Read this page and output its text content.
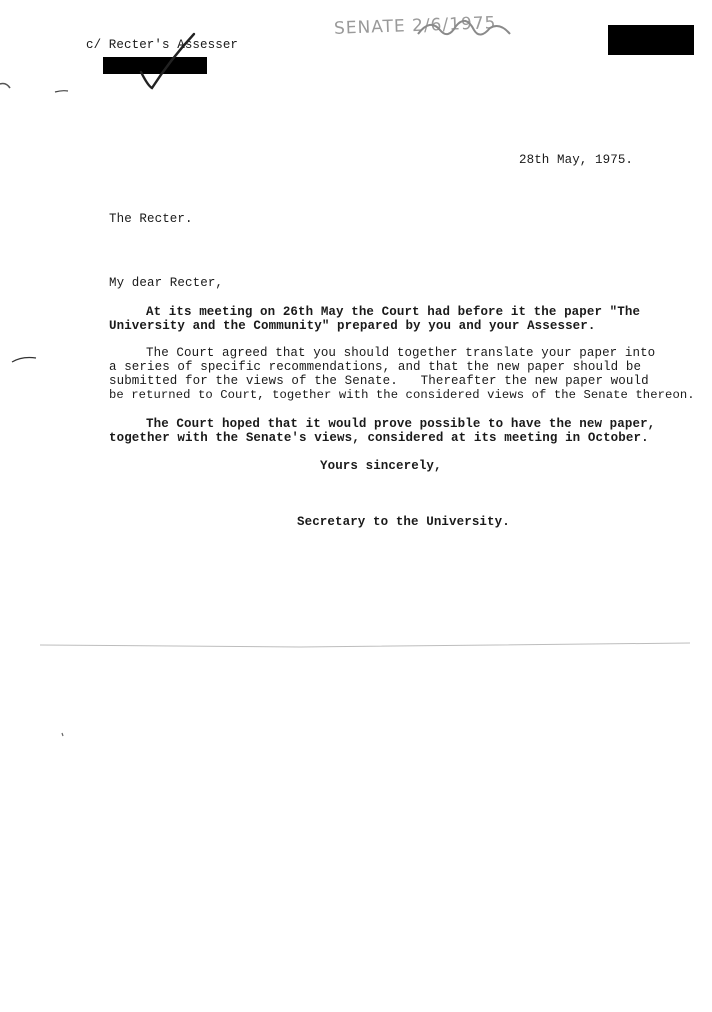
SENATE 2/6/1975
c/ Recter's Assesser
28th May, 1975.
The Recter.
My dear Recter,
At its meeting on 26th May the Court had before it the paper "The
University and the Community" prepared by you and your Assesser.
The Court agreed that you should together translate your paper into
a series of specific recommendations, and that the new paper should be
submitted for the views of the Senate.   Thereafter the new paper would
be returned to Court, together with the considered views of the Senate thereon.
The Court hoped that it would prove possible to have the new paper,
together with the Senate's views, considered at its meeting in October.
Yours sincerely,
Secretary to the University.
